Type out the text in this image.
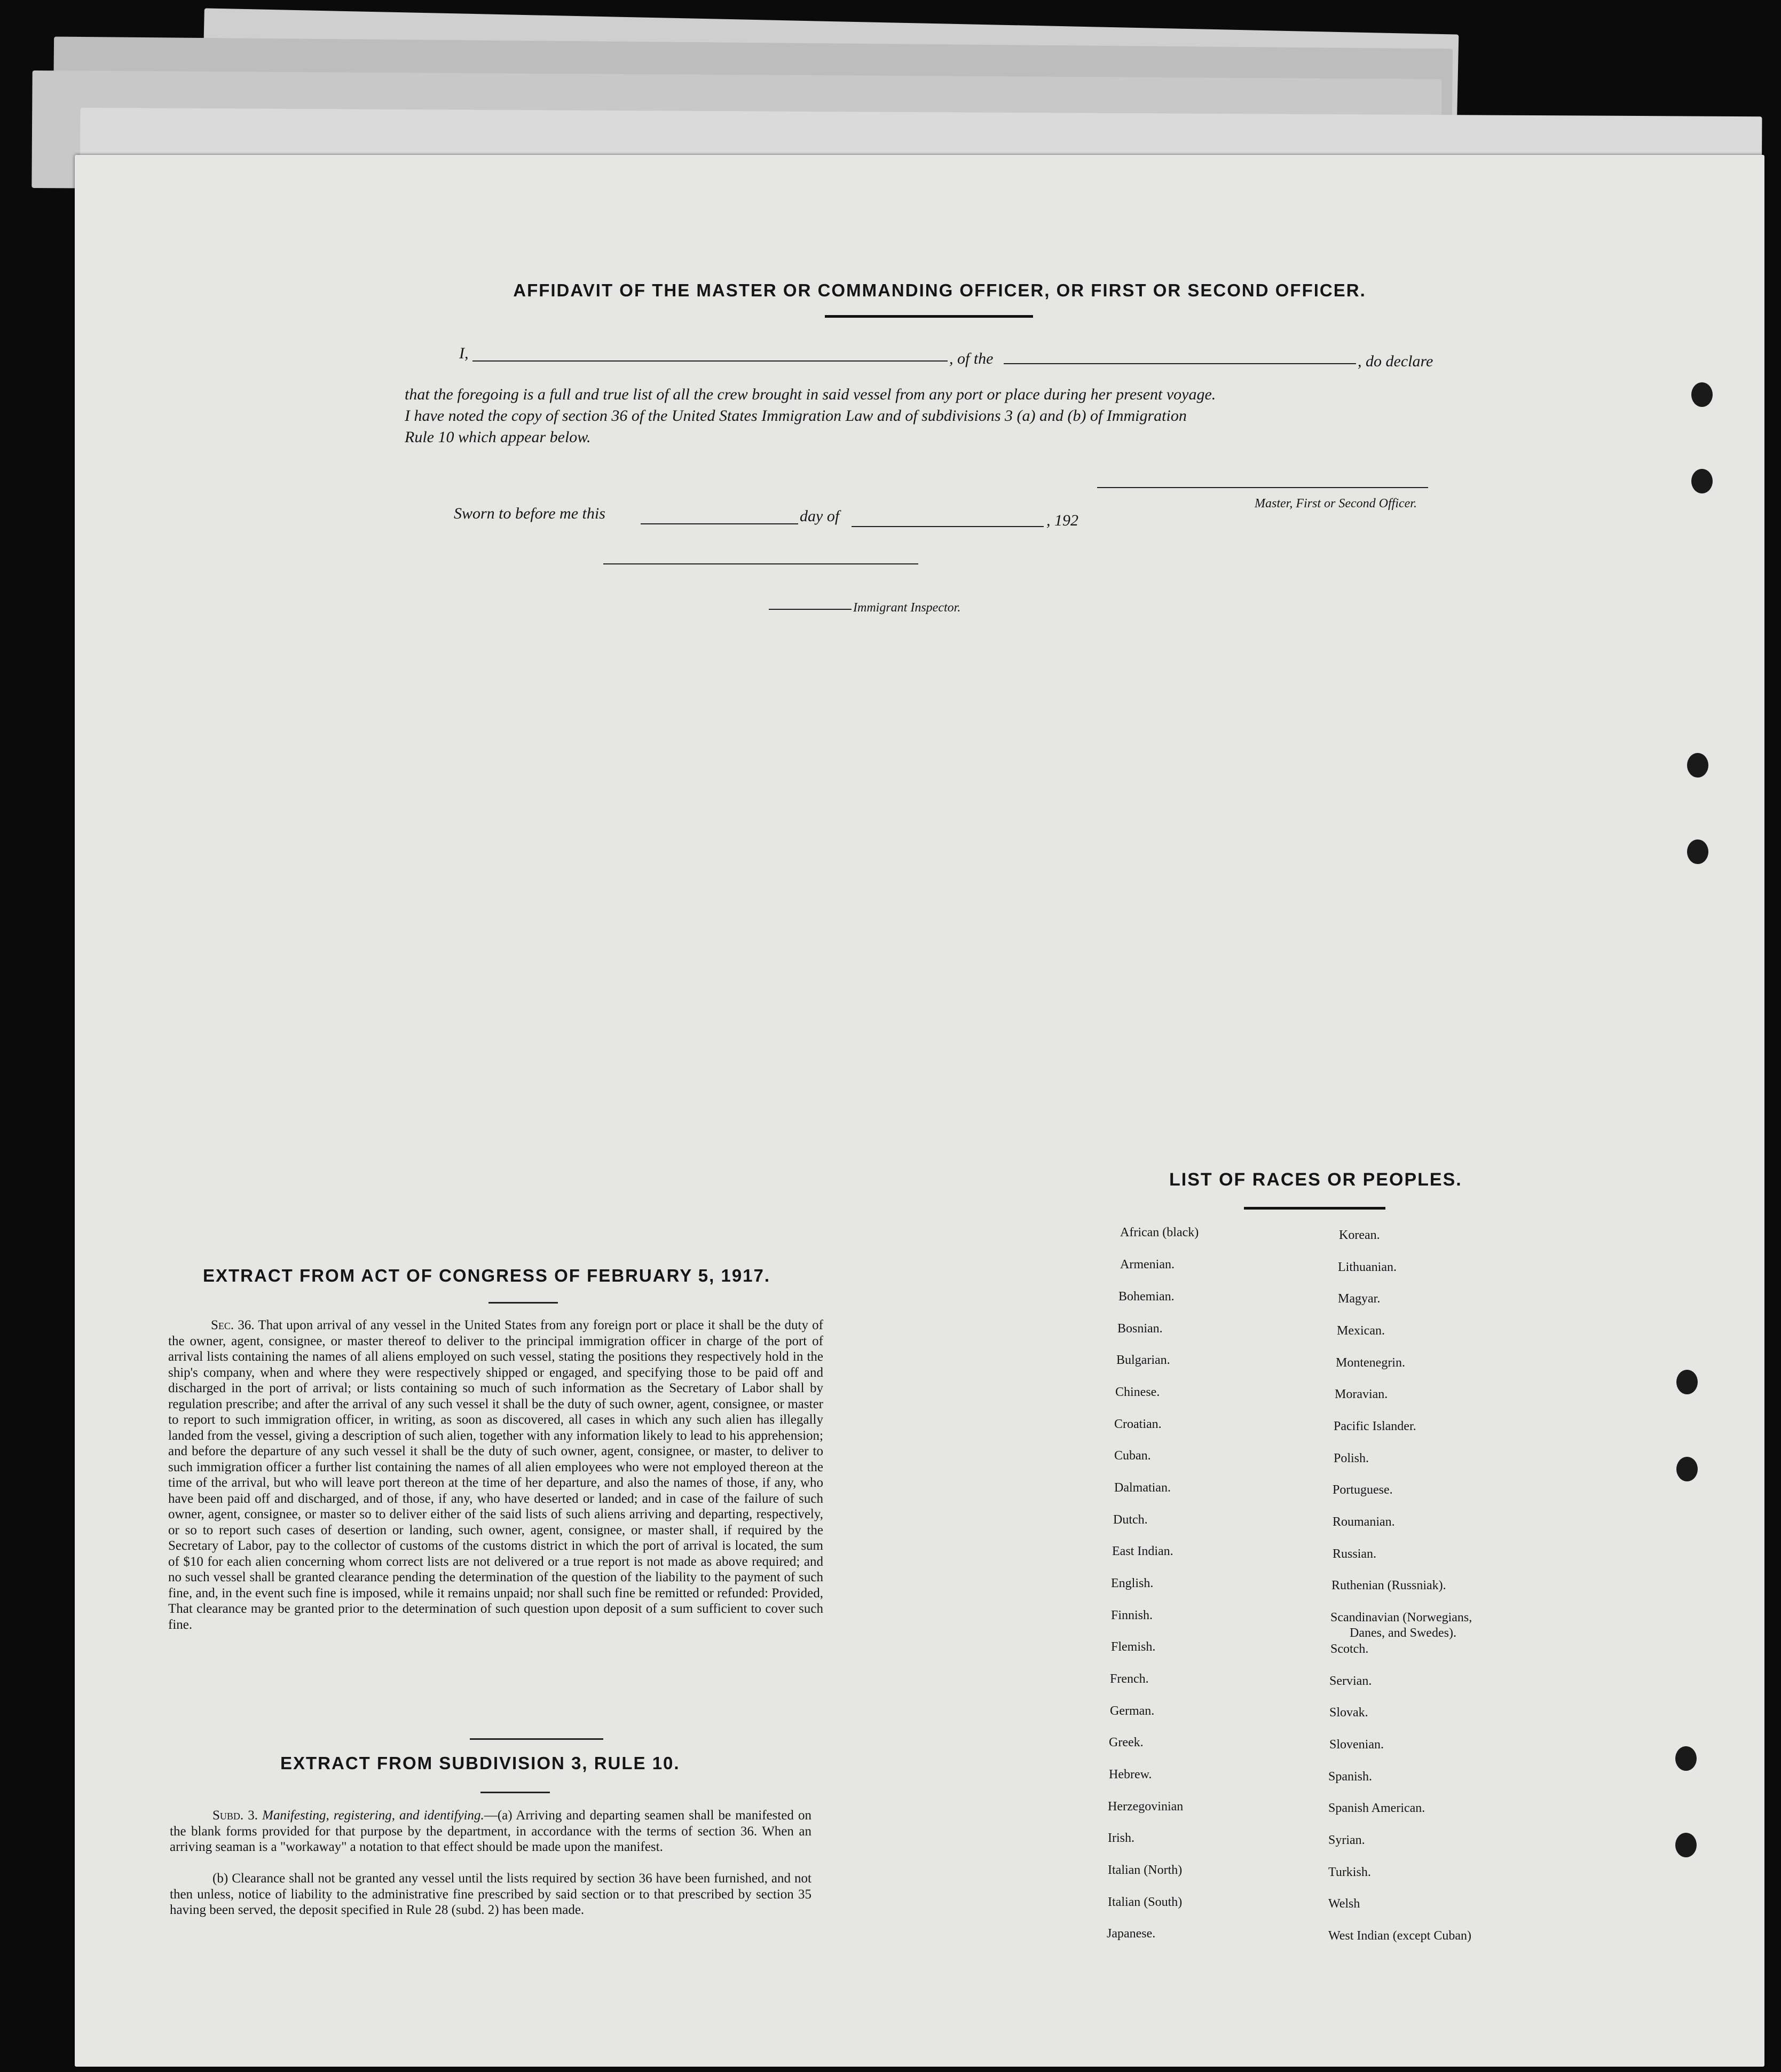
AFFIDAVIT OF THE MASTER OR COMMANDING OFFICER, OR FIRST OR SECOND OFFICER.
I,	, of the	, do declare
that the foregoing is a full and true list of all the crew brought in said vessel from any port or place during her present voyage.
I have noted the copy of section 36 of the United States Immigration Law and of subdivisions 3 (a) and (b) of Immigration
Rule 10 which appear below.
Master, First or Second Officer.
Sworn to before me this	day of	, 192
Immigrant Inspector.
EXTRACT FROM ACT OF CONGRESS OF FEBRUARY 5, 1917.
Sec. 36. That upon arrival of any vessel in the United States from any foreign port or place it shall be the duty of the owner, agent, consignee, or master thereof to deliver to the principal immigration officer in charge of the port of arrival lists containing the names of all aliens employed on such vessel, stating the positions they respectively hold in the ship's company, when and where they were respectively shipped or engaged, and specifying those to be paid off and discharged in the port of arrival; or lists containing so much of such information as the Secretary of Labor shall by regulation prescribe; and after the arrival of any such vessel it shall be the duty of such owner, agent, consignee, or master to report to such immigration officer, in writing, as soon as discovered, all cases in which any such alien has illegally landed from the vessel, giving a description of such alien, together with any information likely to lead to his apprehension; and before the departure of any such vessel it shall be the duty of such owner, agent, consignee, or master, to deliver to such immigration officer a further list containing the names of all alien employees who were not employed thereon at the time of the arrival, but who will leave port thereon at the time of her departure, and also the names of those, if any, who have been paid off and discharged, and of those, if any, who have deserted or landed; and in case of the failure of such owner, agent, consignee, or master so to deliver either of the said lists of such aliens arriving and departing, respectively, or so to report such cases of desertion or landing, such owner, agent, consignee, or master shall, if required by the Secretary of Labor, pay to the collector of customs of the customs district in which the port of arrival is located, the sum of $10 for each alien concerning whom correct lists are not delivered or a true report is not made as above required; and no such vessel shall be granted clearance pending the determination of the question of the liability to the payment of such fine, and, in the event such fine is imposed, while it remains unpaid; nor shall such fine be remitted or refunded: Provided, That clearance may be granted prior to the determination of such question upon deposit of a sum sufficient to cover such fine.
EXTRACT FROM SUBDIVISION 3, RULE 10.
Subd. 3. Manifesting, registering, and identifying.—(a) Arriving and departing seamen shall be manifested on the blank forms provided for that purpose by the department, in accordance with the terms of section 36. When an arriving seaman is a "workaway" a notation to that effect should be made upon the manifest.
(b) Clearance shall not be granted any vessel until the lists required by section 36 have been furnished, and not then unless, notice of liability to the administrative fine prescribed by said section or to that prescribed by section 35 having been served, the deposit specified in Rule 28 (subd. 2) has been made.
LIST OF RACES OR PEOPLES.
African (black)
Armenian.
Bohemian.
Bosnian.
Bulgarian.
Chinese.
Croatian.
Cuban.
Dalmatian.
Dutch.
East Indian.
English.
Finnish.
Flemish.
French.
German.
Greek.
Hebrew.
Herzegovinian
Irish.
Italian (North)
Italian (South)
Japanese.
Korean.
Lithuanian.
Magyar.
Mexican.
Montenegrin.
Moravian.
Pacific Islander.
Polish.
Portuguese.
Roumanian.
Russian.
Ruthenian (Russniak).
Scandinavian (Norwegians,
Danes, and Swedes).
Scotch.
Servian.
Slovak.
Slovenian.
Spanish.
Spanish American.
Syrian.
Turkish.
Welsh
West Indian (except Cuban)
